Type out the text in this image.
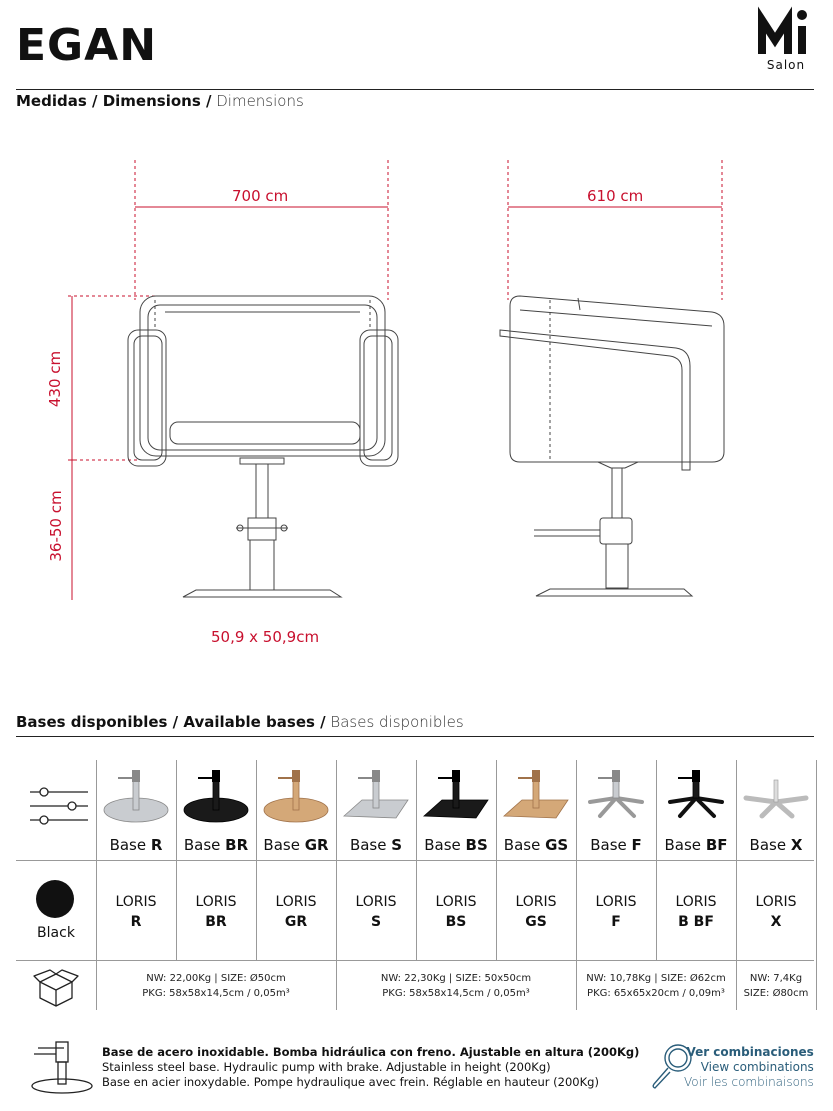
EGAN	Salon
Medidas / Dimensions / Dimensions
700 cm	610 cm
430 cm
36-50 cm
50,9 x 50,9cm
Bases disponibles / Available bases / Bases disponibles
Black
NW: 22,00Kg | SIZE: Ø50cm
PKG: 58x58x14,5cm / 0,05m³
NW: 22,30Kg | SIZE: 50x50cm
PKG: 58x58x14,5cm / 0,05m³
NW: 10,78Kg | SIZE: Ø62cm
PKG: 65x65x20cm / 0,09m³
NW: 7,4Kg
SIZE: Ø80cm
Base R
LORIS
R
Base BR
LORIS
BR
Base GR
LORIS
GR
Base S
LORIS
S
Base BS
LORIS
BS
Base GS
LORIS
GS
Base F
LORIS
F
Base BF
LORIS
B BF
Base X
LORIS
X
Base de acero inoxidable. Bomba hidráulica con freno. Ajustable en altura (200Kg)
Stainless steel base. Hydraulic pump with brake. Adjustable in height (200Kg)
Base en acier inoxydable. Pompe hydraulique avec frein. Réglable en hauteur (200Kg)
Ver combinaciones
View combinations
Voir les combinaisons
